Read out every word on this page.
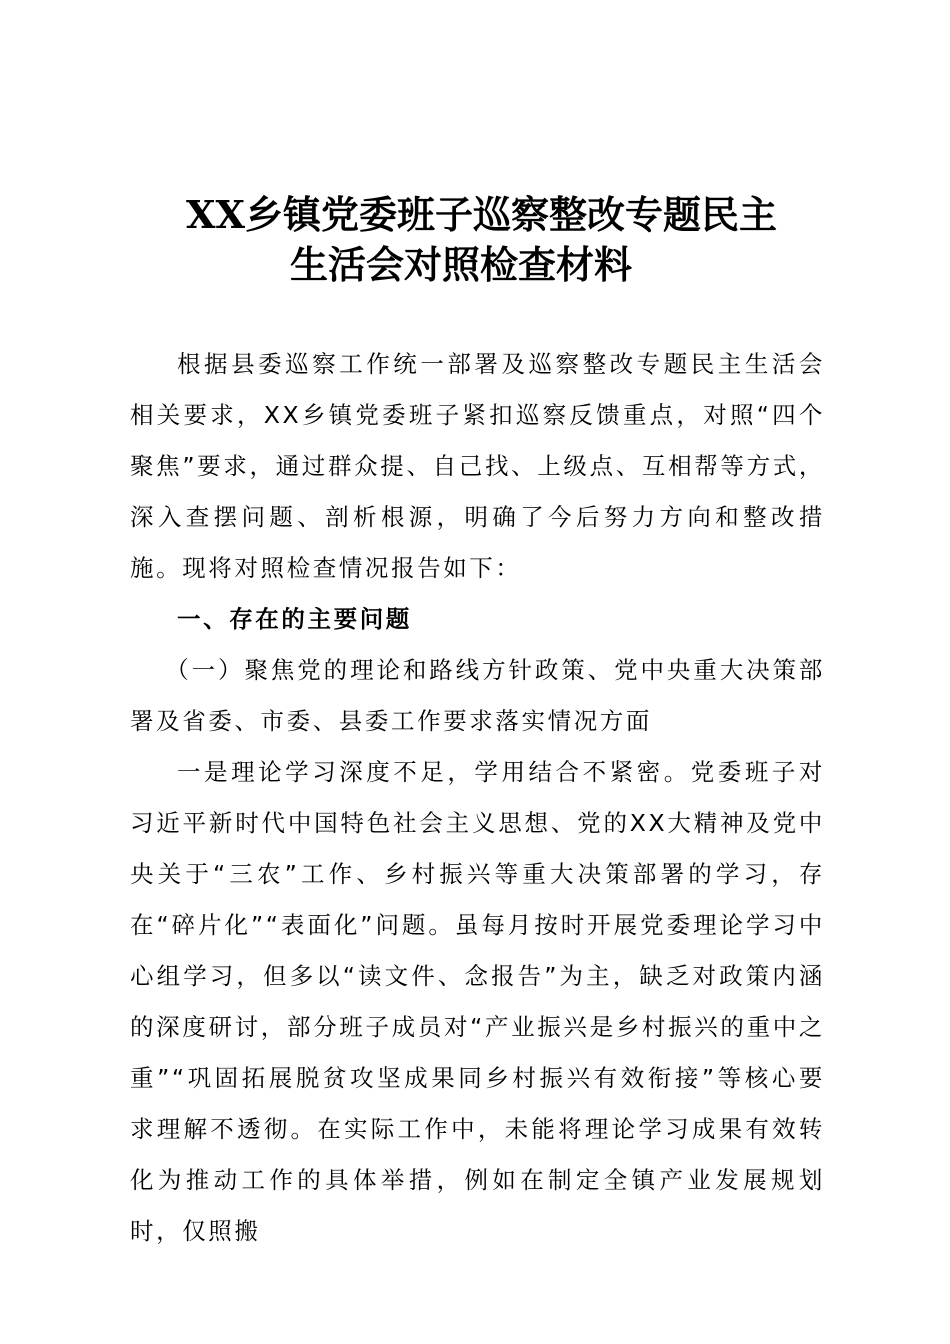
XX乡镇党委班子巡察整改专题民主
生活会对照检查材料

根据县委巡察工作统一部署及巡察整改专题民主生活会相关要求，XX乡镇党委班子紧扣巡察反馈重点，对照“四个聚焦”要求，通过群众提、自己找、上级点、互相帮等方式，深入查摆问题、剖析根源，明确了今后努力方向和整改措施。现将对照检查情况报告如下：

一、存在的主要问题

（一）聚焦党的理论和路线方针政策、党中央重大决策部署及省委、市委、县委工作要求落实情况方面

一是理论学习深度不足，学用结合不紧密。党委班子对习近平新时代中国特色社会主义思想、党的XX大精神及党中央关于“三农”工作、乡村振兴等重大决策部署的学习，存在“碎片化”“表面化”问题。虽每月按时开展党委理论学习中心组学习，但多以“读文件、念报告”为主，缺乏对政策内涵的深度研讨，部分班子成员对“产业振兴是乡村振兴的重中之重”“巩固拓展脱贫攻坚成果同乡村振兴有效衔接”等核心要求理解不透彻。在实际工作中，未能将理论学习成果有效转化为推动工作的具体举措，例如在制定全镇产业发展规划时，仅照搬
